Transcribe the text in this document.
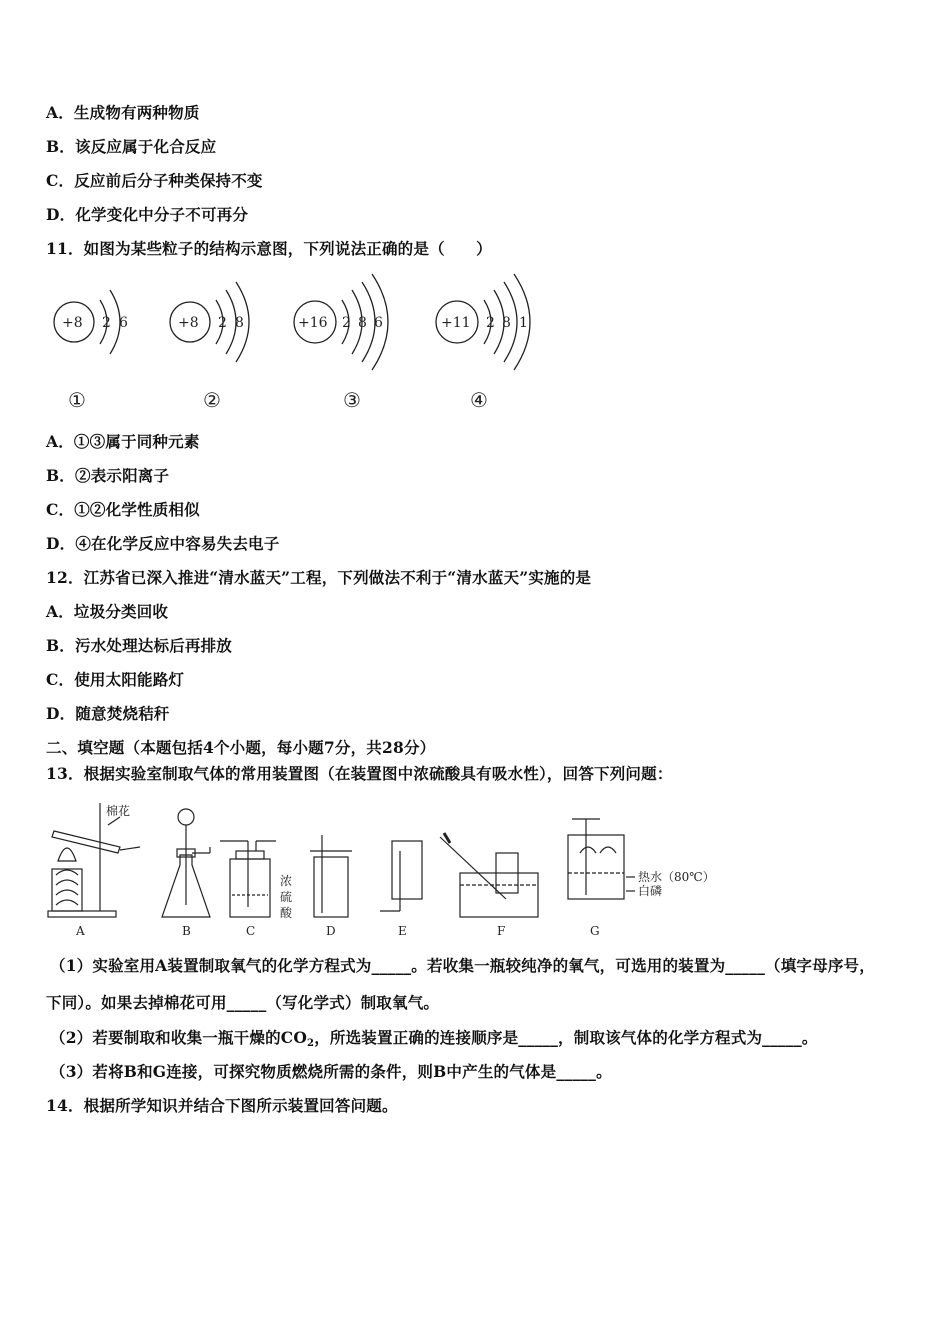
A．生成物有两种物质
B．该反应属于化合反应
C．反应前后分子种类保持不变
D．化学变化中分子不可再分
11．如图为某些粒子的结构示意图，下列说法正确的是（　　）
+8 2 6
①
+8 2 8
②
+16 2 8 6
③
+11 2 8 1
④
A．①③属于同种元素
B．②表示阳离子
C．①②化学性质相似
D．④在化学反应中容易失去电子
12．江苏省已深入推进“清水蓝天”工程，下列做法不利于“清水蓝天”实施的是
A．垃圾分类回收
B．污水处理达标后再排放
C．使用太阳能路灯
D．随意焚烧秸秆
二、填空题（本题包括4个小题，每小题7分，共28分）
13．根据实验室制取气体的常用装置图（在装置图中浓硫酸具有吸水性），回答下列问题：
棉花
浓
硫
酸
热水（80℃）
白磷
A	B	C	D	E	F	G
（1）实验室用A装置制取氧气的化学方程式为_____。若收集一瓶较纯净的氧气，可选用的装置为_____（填字母序号，
下同）。如果去掉棉花可用_____（写化学式）制取氧气。
（2）若要制取和收集一瓶干燥的$CO_2$，所选装置正确的连接顺序是_____，制取该气体的化学方程式为_____。
（3）若将B和G连接，可探究物质燃烧所需的条件，则B中产生的气体是_____。
14．根据所学知识并结合下图所示装置回答问题。
